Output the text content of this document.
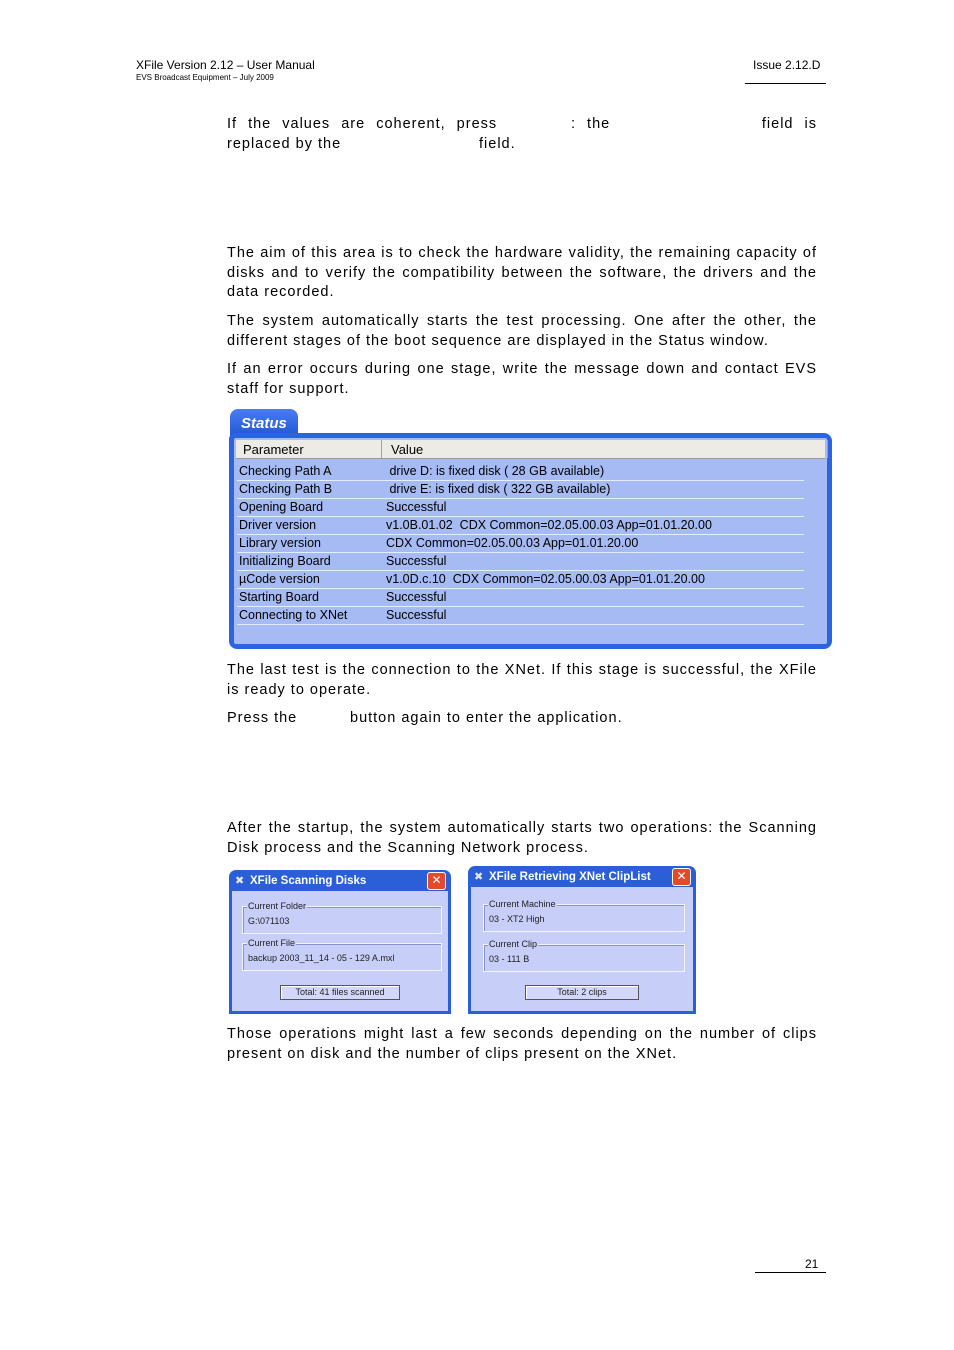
XFile Version 2.12 – User Manual
EVS Broadcast Equipment – July 2009
Issue 2.12.D
If the values are coherent, press	: the	field is
replaced by the	field.
The aim of this area is to check the hardware validity, the remaining capacity of disks and to verify the compatibility between the software, the drivers and the data recorded.
The system automatically starts the test processing. One after the other, the different stages of the boot sequence are displayed in the Status window.
If an error occurs during one stage, write the message down and contact EVS staff for support.
Status
Parameter	Value
Checking Path A	drive D: is fixed disk ( 28 GB available)
Checking Path B	drive E: is fixed disk ( 322 GB available)
Opening Board	Successful
Driver version	v1.0B.01.02  CDX Common=02.05.00.03 App=01.01.20.00
Library version	CDX Common=02.05.00.03 App=01.01.20.00
Initializing Board	Successful
µCode version	v1.0D.c.10  CDX Common=02.05.00.03 App=01.01.20.00
Starting Board	Successful
Connecting to XNet	Successful
The last test is the connection to the XNet. If this stage is successful, the XFile is ready to operate.
Press the	button again to enter the application.
After the startup, the system automatically starts two operations: the Scanning Disk process and the Scanning Network process.
✖ XFile Scanning Disks	✕
Current Folder
G:\071103
Current File
backup 2003_11_14 - 05 - 129 A.mxl
Total: 41 files scanned
✖ XFile Retrieving XNet ClipList	✕
Current Machine
03 - XT2 High
Current Clip
03 - 111 B
Total: 2 clips
Those operations might last a few seconds depending on the number of clips present on disk and the number of clips present on the XNet.
21
